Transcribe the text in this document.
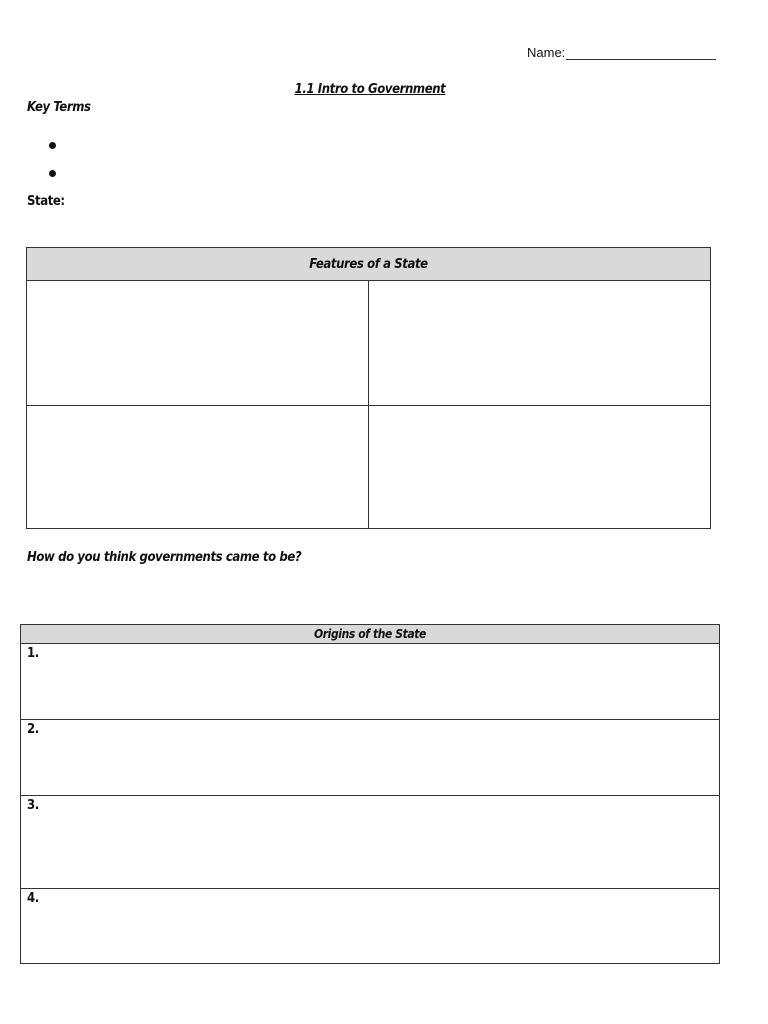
Name:
1.1 Intro to Government
Key Terms
State:
Features of a State
How do you think governments came to be?
Origins of the State
1.
2.
3.
4.
